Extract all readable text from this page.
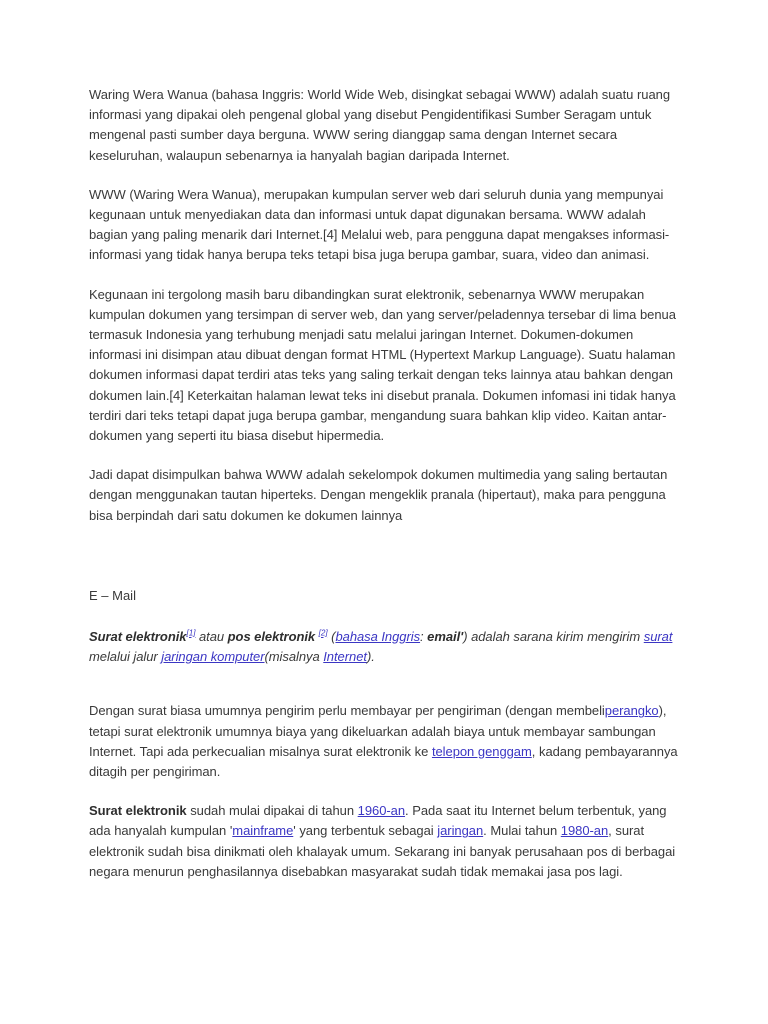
Waring Wera Wanua (bahasa Inggris: World Wide Web, disingkat sebagai WWW) adalah suatu ruang informasi yang dipakai oleh pengenal global yang disebut Pengidentifikasi Sumber Seragam untuk mengenal pasti sumber daya berguna. WWW sering dianggap sama dengan Internet secara keseluruhan, walaupun sebenarnya ia hanyalah bagian daripada Internet.

WWW (Waring Wera Wanua), merupakan kumpulan server web dari seluruh dunia yang mempunyai kegunaan untuk menyediakan data dan informasi untuk dapat digunakan bersama. WWW adalah bagian yang paling menarik dari Internet.[4] Melalui web, para pengguna dapat mengakses informasi-informasi yang tidak hanya berupa teks tetapi bisa juga berupa gambar, suara, video dan animasi.

Kegunaan ini tergolong masih baru dibandingkan surat elektronik, sebenarnya WWW merupakan kumpulan dokumen yang tersimpan di server web, dan yang server/peladennya tersebar di lima benua termasuk Indonesia yang terhubung menjadi satu melalui jaringan Internet. Dokumen-dokumen informasi ini disimpan atau dibuat dengan format HTML (Hypertext Markup Language). Suatu halaman dokumen informasi dapat terdiri atas teks yang saling terkait dengan teks lainnya atau bahkan dengan dokumen lain.[4] Keterkaitan halaman lewat teks ini disebut pranala. Dokumen infomasi ini tidak hanya terdiri dari teks tetapi dapat juga berupa gambar, mengandung suara bahkan klip video. Kaitan antar-dokumen yang seperti itu biasa disebut hipermedia.

Jadi dapat disimpulkan bahwa WWW adalah sekelompok dokumen multimedia yang saling bertautan dengan menggunakan tautan hiperteks. Dengan mengeklik pranala (hipertaut), maka para pengguna bisa berpindah dari satu dokumen ke dokumen lainnya

E – Mail

Surat elektronik[1] atau pos elektronik [2] (bahasa Inggris: email') adalah sarana kirim mengirim surat melalui jalur jaringan komputer(misalnya Internet).

Dengan surat biasa umumnya pengirim perlu membayar per pengiriman (dengan membeliperangko), tetapi surat elektronik umumnya biaya yang dikeluarkan adalah biaya untuk membayar sambungan Internet. Tapi ada perkecualian misalnya surat elektronik ke telepon genggam, kadang pembayarannya ditagih per pengiriman.

Surat elektronik sudah mulai dipakai di tahun 1960-an. Pada saat itu Internet belum terbentuk, yang ada hanyalah kumpulan 'mainframe' yang terbentuk sebagai jaringan. Mulai tahun 1980-an, surat elektronik sudah bisa dinikmati oleh khalayak umum. Sekarang ini banyak perusahaan pos di berbagai negara menurun penghasilannya disebabkan masyarakat sudah tidak memakai jasa pos lagi.
